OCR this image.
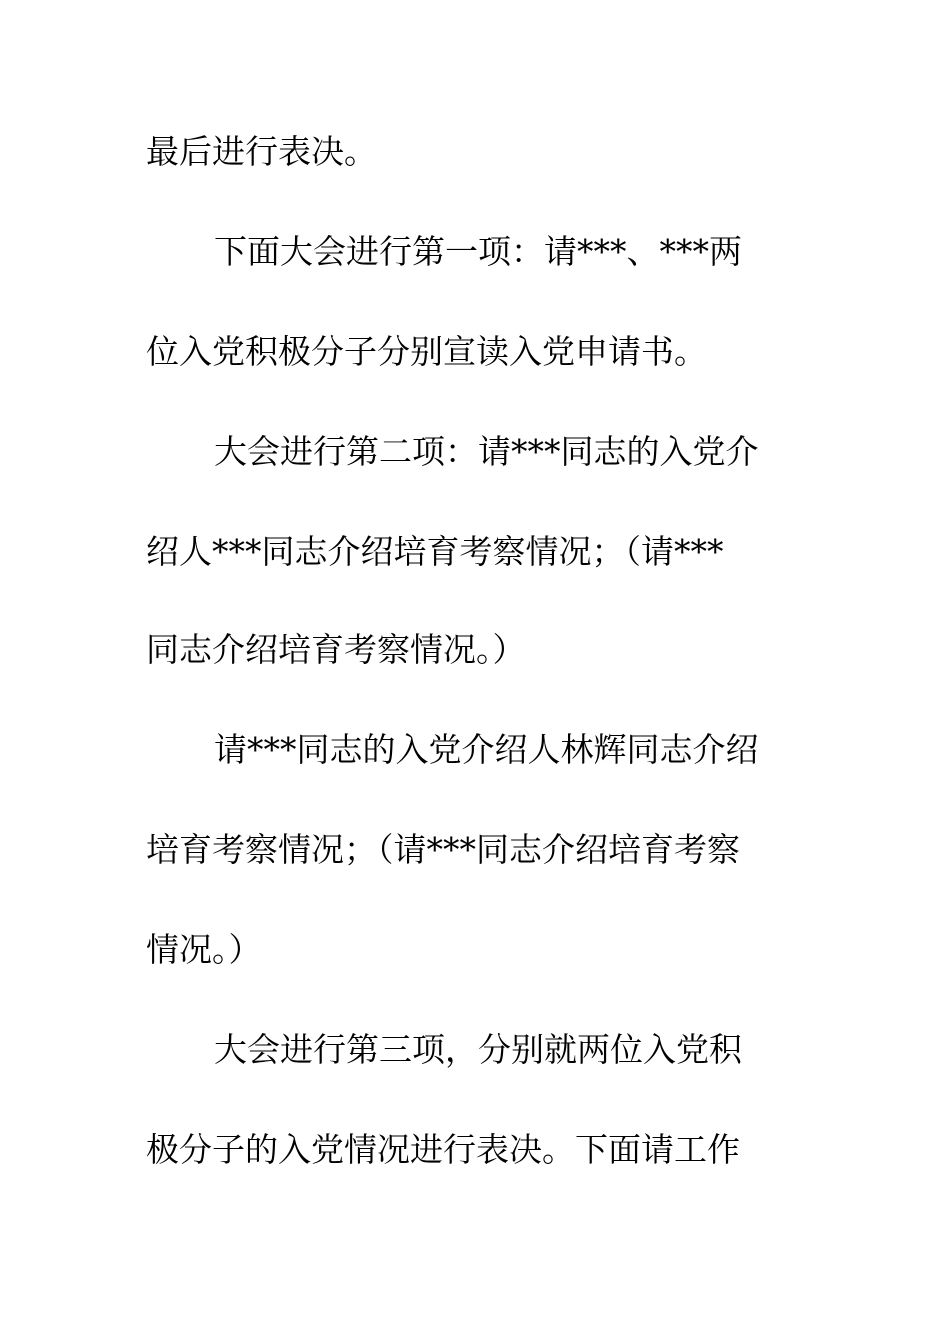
最后进行表决。
下面大会进行第一项：请***、***两
位入党积极分子分别宣读入党申请书。
大会进行第二项：请***同志的入党介
绍人***同志介绍培育考察情况；（请***
同志介绍培育考察情况。）
请***同志的入党介绍人林辉同志介绍
培育考察情况；（请***同志介绍培育考察
情况。）
大会进行第三项，分别就两位入党积
极分子的入党情况进行表决。下面请工作
